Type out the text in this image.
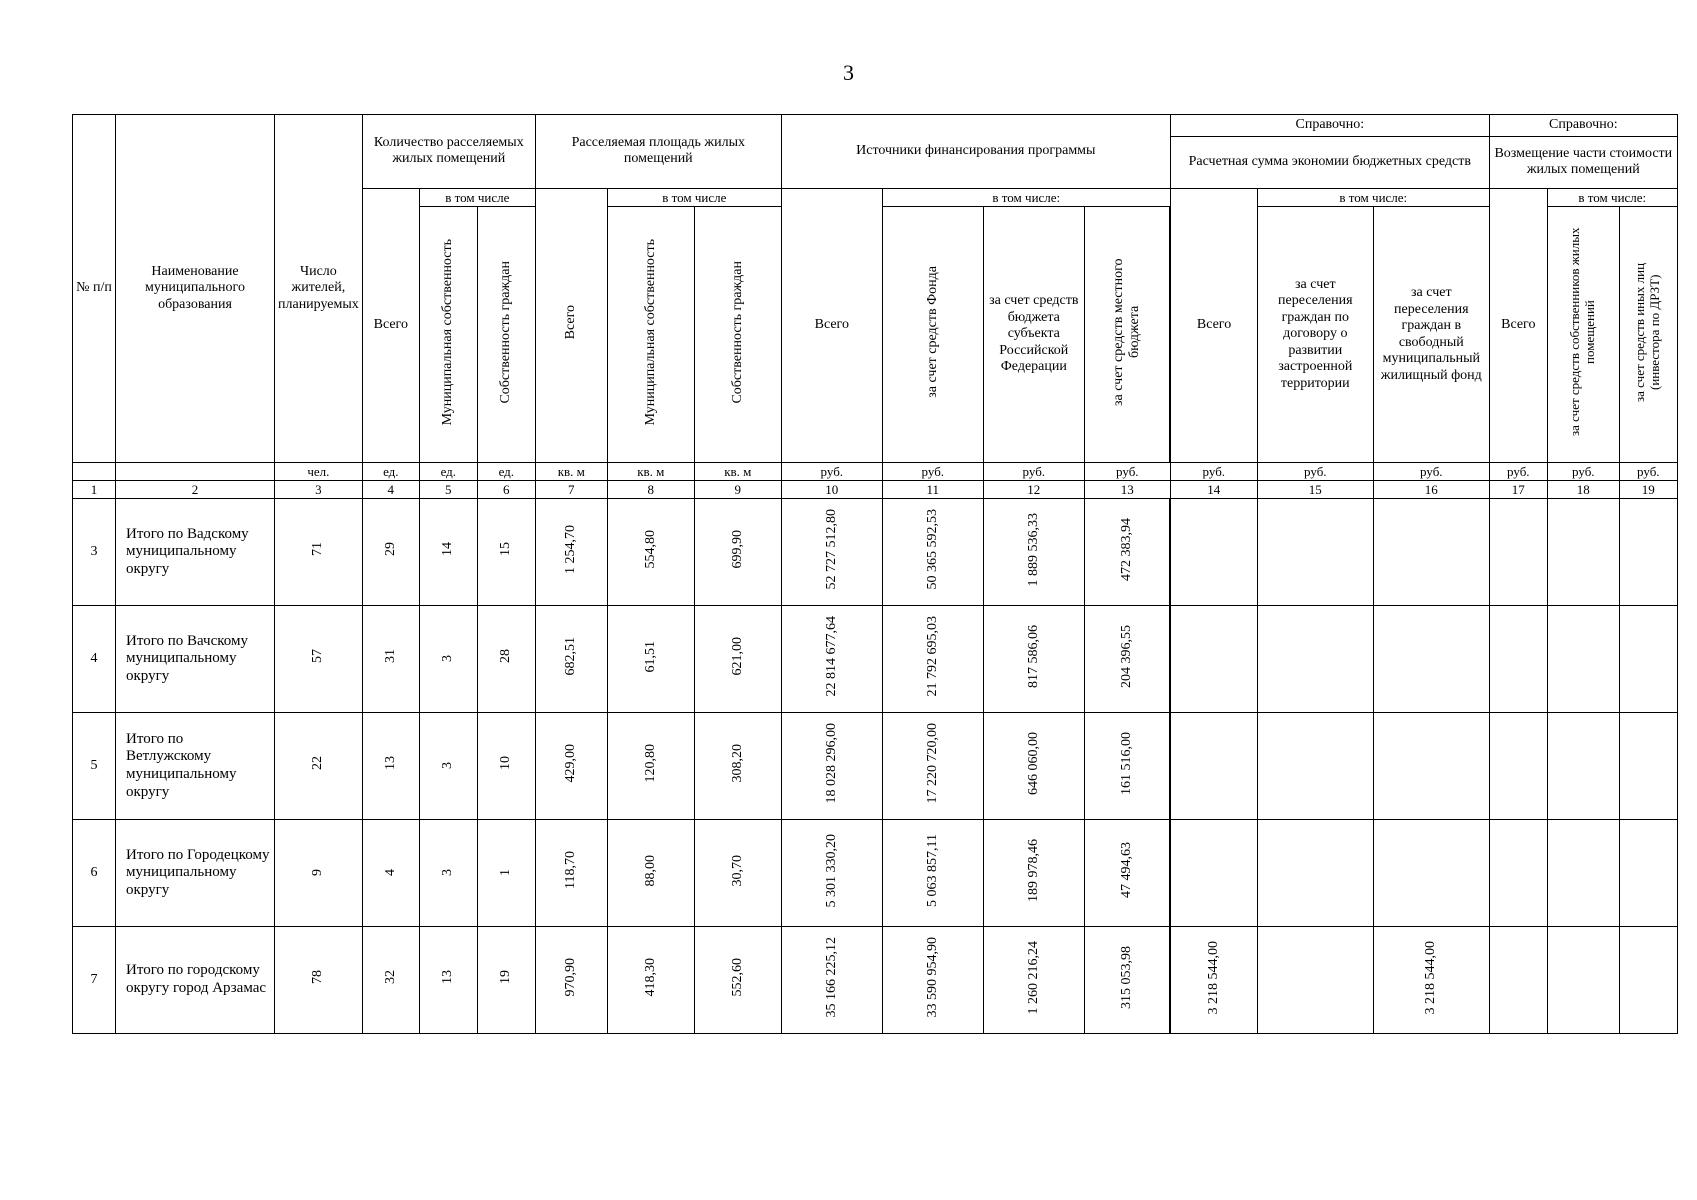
3
№ п/п	Наименование муниципального образования	Число жителей, планируемых	Количество расселяемых жилых помещений			Расселяемая площадь жилых помещений			Источники финансирования программы				Справочно:			Справочно:		
													Расчетная сумма экономии бюджетных средств			Возмещение части стоимости жилых помещений		

			Всего	в том числе		Всего	в том числе		Всего	в том числе:			Всего	в том числе:		Всего	в том числе:	
				Муниципальная собственность	Собственность граждан		Муниципальная собственность	Собственность граждан		за счет средств Фонда	за счет средств бюджета субъекта Российской Федерации	за счет средств местного бюджета		за счет переселения граждан по договору о развитии застроенной территории	за счет переселения граждан в свободный муниципальный жилищный фонд		за счет средств собственников жилых помещений	за счет средств иных лиц (инвестора по ДРЗТ)
		чел.	ед.	ед.	ед.	кв. м	кв. м	кв. м	руб.	руб.	руб.	руб.	руб.	руб.	руб.	руб.	руб.	руб.
1	2	3	4	5	6	7	8	9	10	11	12	13	14	15	16	17	18	19
3	Итого по Вадскому муниципальному округу	71	29	14	15	1 254,70	554,80	699,90	52 727 512,80	50 365 592,53	1 889 536,33	472 383,94						
4	Итого по Вачскому муниципальному округу	57	31	3	28	682,51	61,51	621,00	22 814 677,64	21 792 695,03	817 586,06	204 396,55						
5	Итого по Ветлужскому муниципальному округу	22	13	3	10	429,00	120,80	308,20	18 028 296,00	17 220 720,00	646 060,00	161 516,00						
6	Итого по Городецкому муниципальному округу	9	4	3	1	118,70	88,00	30,70	5 301 330,20	5 063 857,11	189 978,46	47 494,63						
7	Итого по городскому округу город Арзамас	78	32	13	19	970,90	418,30	552,60	35 166 225,12	33 590 954,90	1 260 216,24	315 053,98	3 218 544,00		3 218 544,00			
